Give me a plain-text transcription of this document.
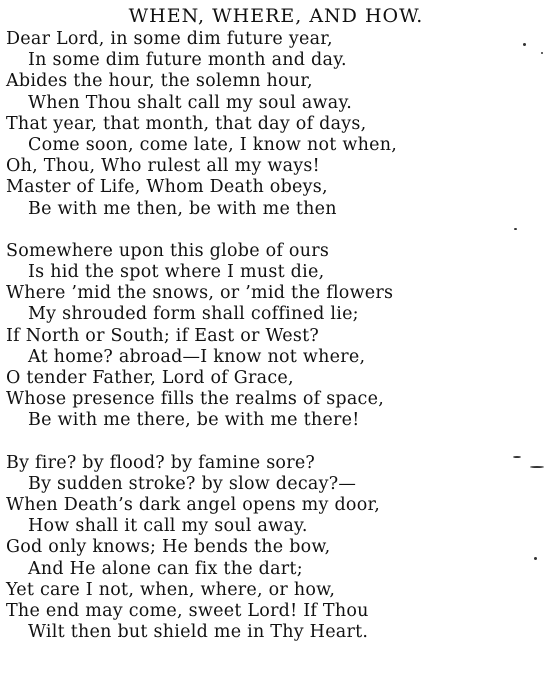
WHEN, WHERE, AND HOW.
Dear Lord, in some dim future year,
In some dim future month and day.
Abides the hour, the solemn hour,
When Thou shalt call my soul away.
That year, that month, that day of days,
Come soon, come late, I know not when,
Oh, Thou, Who rulest all my ways!
Master of Life, Whom Death obeys,
Be with me then, be with me then
Somewhere upon this globe of ours
Is hid the spot where I must die,
Where ’mid the snows, or ’mid the flowers
My shrouded form shall coffined lie;
If North or South; if East or West?
At home? abroad—I know not where,
O tender Father, Lord of Grace,
Whose presence fills the realms of space,
Be with me there, be with me there!
By fire? by flood? by famine sore?
By sudden stroke? by slow decay?—
When Death’s dark angel opens my door,
How shall it call my soul away.
God only knows; He bends the bow,
And He alone can fix the dart;
Yet care I not, when, where, or how,
The end may come, sweet Lord! If Thou
Wilt then but shield me in Thy Heart.
